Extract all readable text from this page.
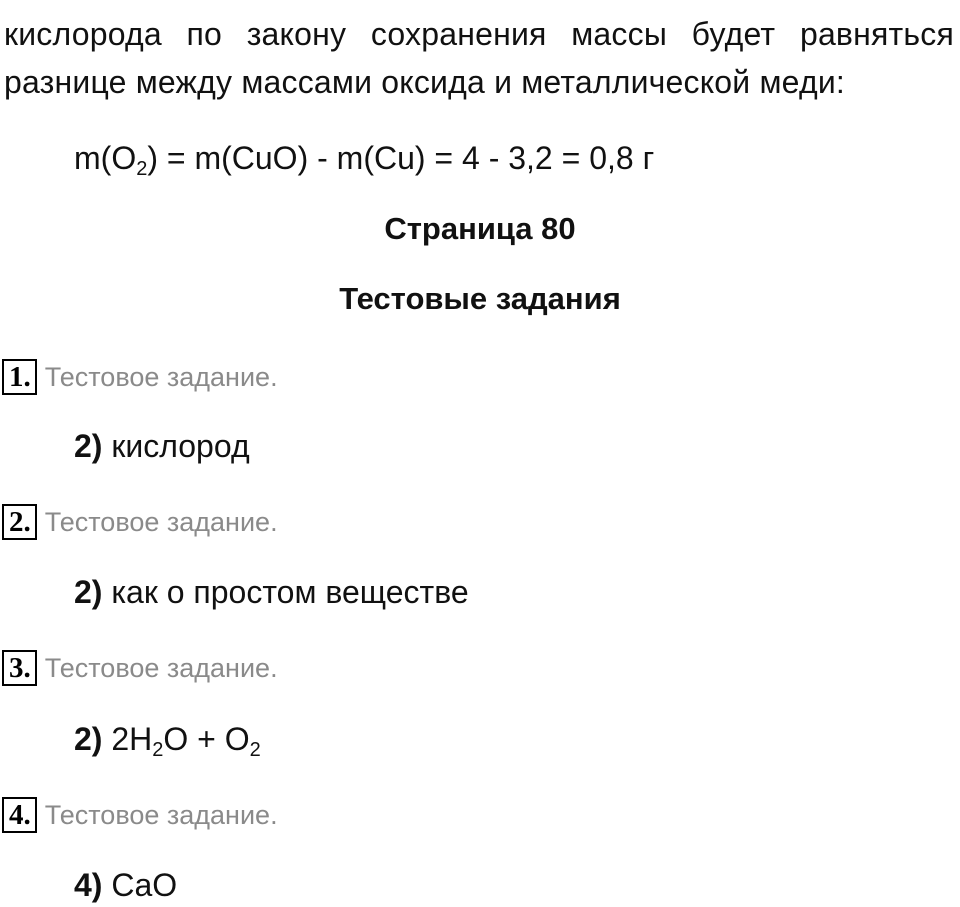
кислорода по закону сохранения массы будет равняться
разнице между массами оксида и металлической меди:
$m(O_2) = m(CuO) - m(Cu) = 4 - 3,2 = 0,8$ г
Страница 80
Тестовые задания
1. Тестовое задание.
2) кислород
2. Тестовое задание.
2) как о простом веществе
3. Тестовое задание.
2) $2H_2O + O_2$
4. Тестовое задание.
4) CaO
